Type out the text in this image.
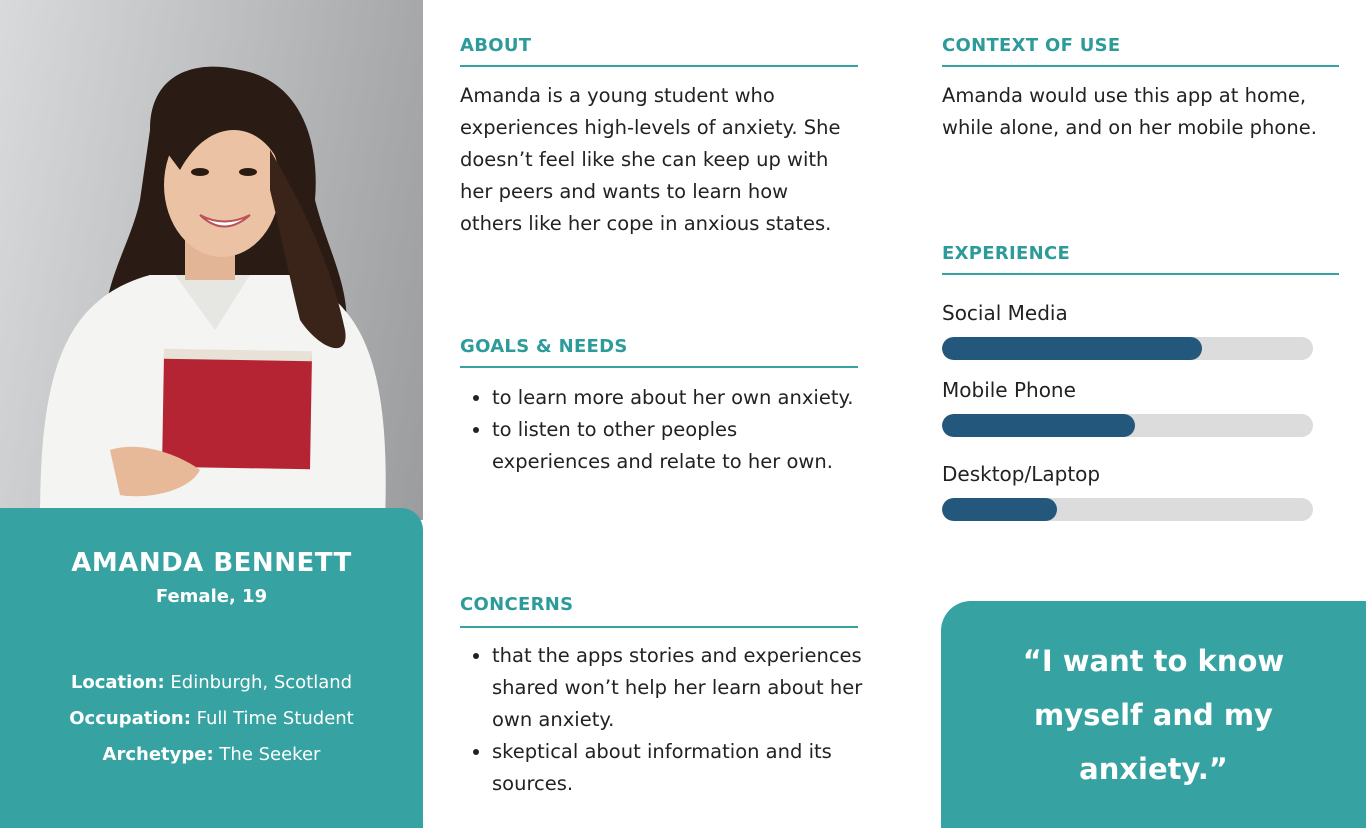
AMANDA BENNETT
Female, 19
Location: Edinburgh, Scotland
Occupation: Full Time Student
Archetype: The Seeker
ABOUT
Amanda is a young student who
experiences high-levels of anxiety. She
doesn’t feel like she can keep up with
her peers and wants to learn how
others like her cope in anxious states.
GOALS & NEEDS
• to learn more about her own anxiety.
• to listen to other peoples experiences and relate to her own.
CONCERNS
• that the apps stories and experiences shared won’t help her learn about her own anxiety.
• skeptical about information and its sources.
CONTEXT OF USE
Amanda would use this app at home,
while alone, and on her mobile phone.
EXPERIENCE
Social Media
Mobile Phone
Desktop/Laptop
“I want to know myself and my anxiety.”
